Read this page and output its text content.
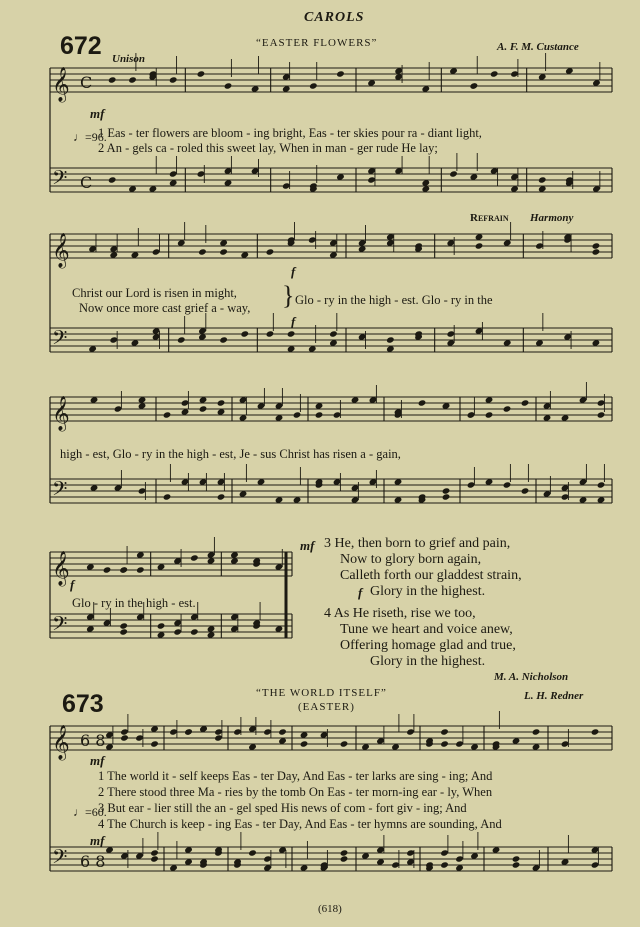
𝄞
𝄢
C
C
𝄞
𝄢
𝄞
𝄢
𝄞
𝄢
𝄞
𝄢
6 8
6 8
CAROLS
672	“EASTER FLOWERS”	A. F. M. Custance
Unison
mf
♩=96.
1 Eas - ter flowers are bloom - ing bright, Eas - ter skies pour ra - diant light,
2 An - gels ca - roled this sweet lay, When in man - ger rude He lay;
Refrain Harmony
f
Christ our Lord is risen in might,
Now once more cast grief a - way, } Glo - ry in the high - est. Glo - ry in the
f
high - est, Glo - ry in the high - est, Je - sus Christ has risen a - gain,
f
Glo - ry in the high - est.
mf 3 He, then born to grief and pain,
Now to glory born again,
Calleth forth our gladdest strain,
f Glory in the highest.
4 As He riseth, rise we too,
Tune we heart and voice anew,
Offering homage glad and true,
Glory in the highest.
M. A. Nicholson
673	“THE WORLD ITSELF”
(EASTER)
L. H. Redner
mf
♩=60.
1 The world it - self keeps Eas - ter Day, And Eas - ter larks are sing - ing; And
2 There stood three Ma - ries by the tomb On Eas - ter morn-ing ear - ly, When
3 But ear - lier still the an - gel sped His news of com - fort giv - ing; And
4 The Church is keep - ing Eas - ter Day, And Eas - ter hymns are sounding, And
mf
(618)
